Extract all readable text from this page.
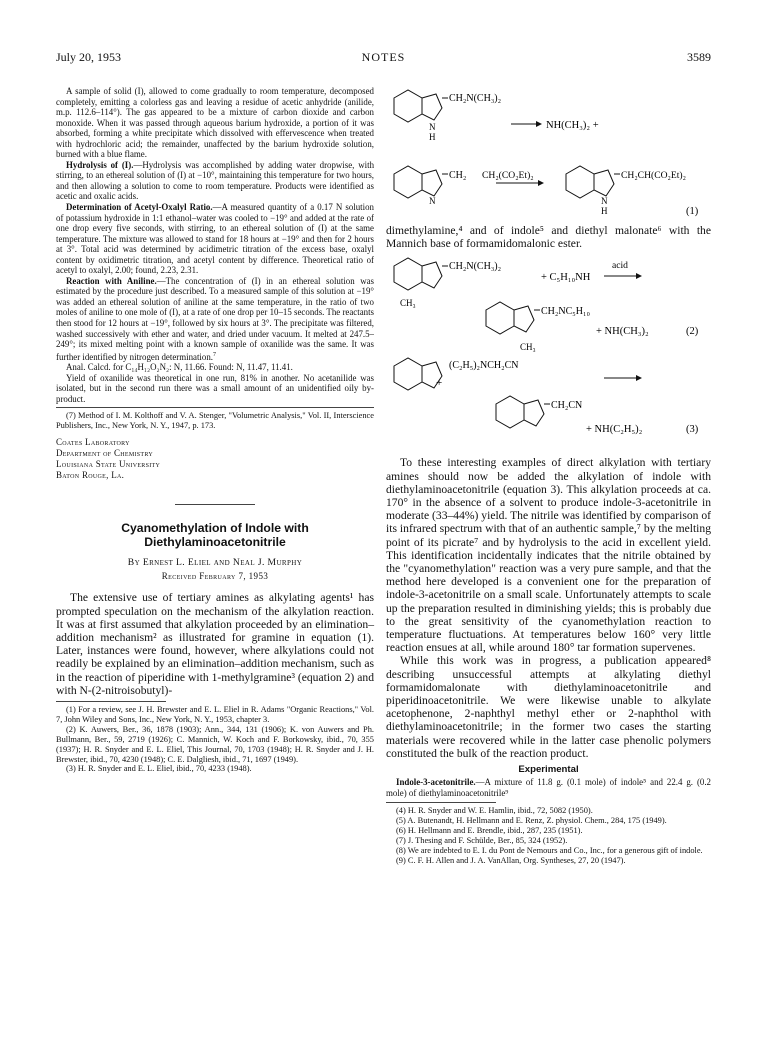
July 20, 1953	NOTES	3589

A sample of solid (I), allowed to come gradually to room temperature, decomposed completely, emitting a colorless gas and leaving a residue of acetic anhydride (anilide, m.p. 112.6–114°). The gas appeared to be a mixture of carbon dioxide and carbon monoxide. When it was passed through aqueous barium hydroxide, a portion of it was absorbed, forming a white precipitate which dissolved with effervescence when treated with hydrochloric acid; the remainder, unaffected by the barium hydroxide solution, burned with a blue flame.

Hydrolysis of (I).—Hydrolysis was accomplished by adding water dropwise, with stirring, to an ethereal solution of (I) at −10°, maintaining this temperature for two hours, and then allowing a solution to come to room temperature. Products were identified as acetic and oxalic acids.

Determination of Acetyl-Oxalyl Ratio.—A measured quantity of a 0.17 N solution of potassium hydroxide in 1:1 ethanol–water was cooled to −19° and added at the rate of one drop every five seconds, with stirring, to an ethereal solution of (I) at the same temperature. The mixture was allowed to stand for 18 hours at −19° and then for 2 hours at 3°. Total acid was determined by acidimetric titration of the excess base, oxalyl content by oxidimetric titration, and acetyl content by difference. Theoretical ratio of acetyl to oxalyl, 2.00; found, 2.23, 2.31.

Reaction with Aniline.—The concentration of (I) in an ethereal solution was estimated by the procedure just described. To a measured sample of this solution at −19° was added an ethereal solution of aniline at the same temperature, in the ratio of two moles of aniline to one mole of (I), at a rate of one drop per 10–15 seconds. The reactants then stood for 12 hours at −19°, followed by six hours at 3°. The precipitate was filtered, washed successively with ether and water, and dried under vacuum. It melted at 247.5–249°; its mixed melting point with a known sample of oxanilide was the same. It was further identified by nitrogen determination.$^7$

Anal. Calcd. for C₁₄H₁₂O₂N₂: N, 11.66. Found: N, 11.47, 11.41.

Yield of oxanilide was theoretical in one run, 81% in another. No acetanilide was isolated, but in the second run there was a small amount of an unidentified oily by-product.

(7) Method of I. M. Kolthoff and V. A. Stenger, "Volumetric Analysis," Vol. II, Interscience Publishers, Inc., New York, N. Y., 1947, p. 173.

Coates Laboratory
Department of Chemistry
Louisiana State University
Baton Rouge, La.
Cyanomethylation of Indole with
Diethylaminoacetonitrile
By Ernest L. Eliel and Neal J. Murphy
Received February 7, 1953

The extensive use of tertiary amines as alkylating agents¹ has prompted speculation on the mechanism of the alkylation reaction. It was at first assumed that alkylation proceeded by an elimination–addition mechanism² as illustrated for gramine in equation (1). Later, instances were found, however, where alkylations could not readily be explained by an elimination–addition mechanism, such as in the reaction of piperidine with 1-methylgramine³ (equation 2) and with N-(2-nitroisobutyl)-

(1) For a review, see J. H. Brewster and E. L. Eliel in R. Adams "Organic Reactions," Vol. 7, John Wiley and Sons, Inc., New York, N. Y., 1953, chapter 3.

(2) K. Auwers, Ber., 36, 1878 (1903); Ann., 344, 131 (1906); K. von Auwers and Ph. Bullmann, Ber., 59, 2719 (1926); C. Mannich, W. Koch and F. Borkowsky, ibid., 70, 355 (1937); H. R. Snyder and E. L. Eliel, This Journal, 70, 1703 (1948); H. R. Snyder and J. H. Brewster, ibid., 70, 4230 (1948); C. E. Dalgliesh, ibid., 71, 1697 (1949).

(3) H. R. Snyder and E. L. Eliel, ibid., 70, 4233 (1948).

CH₂N(CH₃)₂
NH(CH₃)₂ +
N
H
CH₂ CH₂(CO₂Et)₂
N
CH₂CH(CO₂Et)₂
N
H	(1)

dimethylamine,⁴ and of indole⁵ and diethyl malonate⁶ with the Mannich base of formamidomalonic ester.

CH₂N(CH₃)₂
+ C₅H₁₀NH
acid
CH₃
CH₂NC₅H₁₀
+ NH(CH₃)₂	(2)
CH₃
+
(C₂H₅)₂NCH₂CN
CH₂CN
+ NH(C₂H₅)₂	(3)

To these interesting examples of direct alkylation with tertiary amines should now be added the alkylation of indole with diethylaminoacetonitrile (equation 3). This alkylation proceeds at ca. 170° in the absence of a solvent to produce indole-3-acetonitrile in moderate (33–44%) yield. The nitrile was identified by comparison of its infrared spectrum with that of an authentic sample,⁷ by the melting point of its picrate⁷ and by hydrolysis to the acid in excellent yield. This identification incidentally indicates that the nitrile obtained by the "cyanomethylation" reaction was a very pure sample, and that the method here developed is a convenient one for the preparation of indole-3-acetonitrile on a small scale. Unfortunately attempts to scale up the preparation resulted in diminishing yields; this is probably due to the great sensitivity of the cyanomethylation reaction to temperature fluctuations. At temperatures below 160° very little reaction ensues at all, while around 180° tar formation supervenes.

While this work was in progress, a publication appeared⁸ describing unsuccessful attempts at alkylating diethyl formamidomalonate with diethylaminoacetonitrile and piperidinoacetonitrile. We were likewise unable to alkylate acetophenone, 2-naphthyl methyl ether or 2-naphthol with diethylaminoacetonitrile; in the former two cases the starting materials were recovered while in the latter case phenolic polymers constituted the bulk of the reaction product.

Experimental

Indole-3-acetonitrile.—A mixture of 11.8 g. (0.1 mole) of indole⁵ and 22.4 g. (0.2 mole) of diethylaminoacetonitrile⁹

(4) H. R. Snyder and W. E. Hamlin, ibid., 72, 5082 (1950).

(5) A. Butenandt, H. Hellmann and E. Renz, Z. physiol. Chem., 284, 175 (1949).

(6) H. Hellmann and E. Brendle, ibid., 287, 235 (1951).

(7) J. Thesing and F. Schülde, Ber., 85, 324 (1952).

(8) We are indebted to E. I. du Pont de Nemours and Co., Inc., for a generous gift of indole.

(9) C. F. H. Allen and J. A. VanAllan, Org. Syntheses, 27, 20 (1947).
